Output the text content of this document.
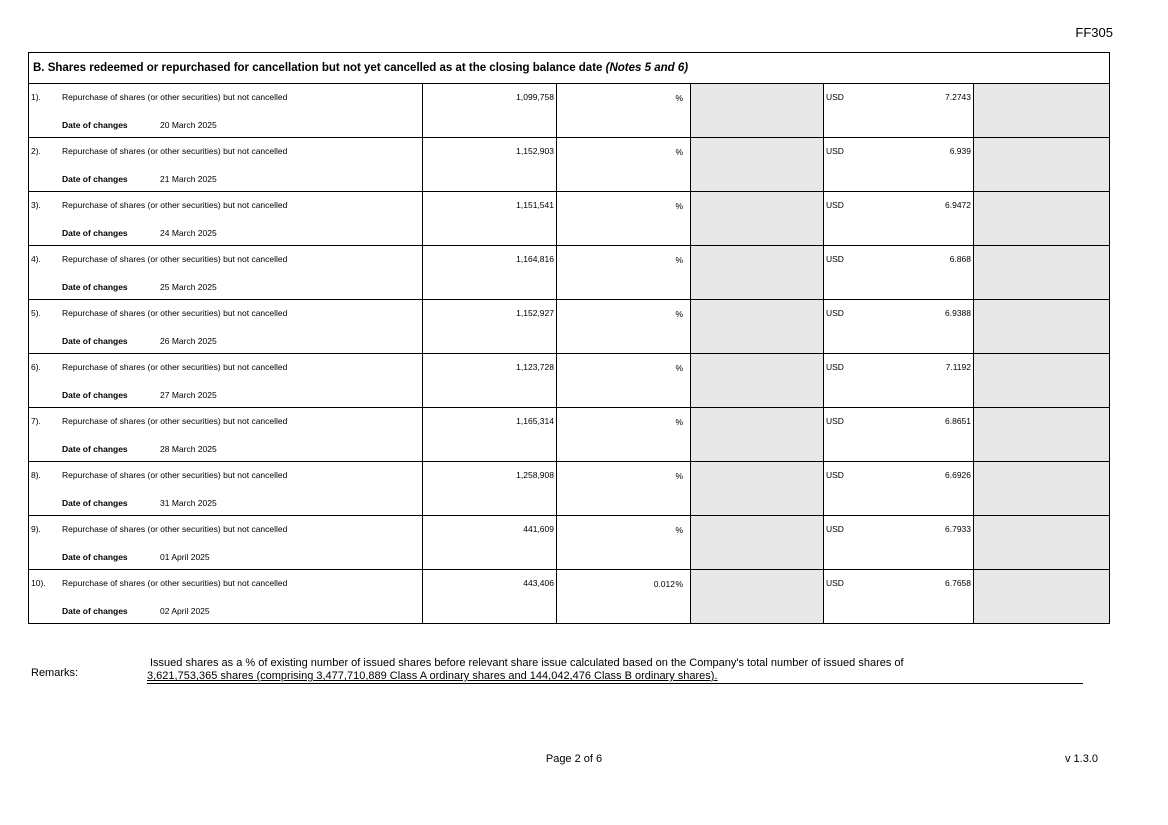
FF305
B. Shares redeemed or repurchased for cancellation but not yet cancelled as at the closing balance date (Notes 5 and 6)					

1). Repurchase of shares (or other securities) but not cancelled
Date of changes 20 March 2025	1,099,758	%		USD 7.2743	

2). Repurchase of shares (or other securities) but not cancelled
Date of changes 21 March 2025	1,152,903	%		USD 6.939	

3). Repurchase of shares (or other securities) but not cancelled
Date of changes 24 March 2025	1,151,541	%		USD 6.9472	

4). Repurchase of shares (or other securities) but not cancelled
Date of changes 25 March 2025	1,164,816	%		USD 6.868	

5). Repurchase of shares (or other securities) but not cancelled
Date of changes 26 March 2025	1,152,927	%		USD 6.9388	

6). Repurchase of shares (or other securities) but not cancelled
Date of changes 27 March 2025	1,123,728	%		USD 7.1192	

7). Repurchase of shares (or other securities) but not cancelled
Date of changes 28 March 2025	1,165,314	%		USD 6.8651	

8). Repurchase of shares (or other securities) but not cancelled
Date of changes 31 March 2025	1,258,908	%		USD 6.6926	

9). Repurchase of shares (or other securities) but not cancelled
Date of changes 01 April 2025	441,609	%		USD 6.7933	

10). Repurchase of shares (or other securities) but not cancelled
Date of changes 02 April 2025	443,406	0.012 %		USD 6.7658	

Remarks:
Issued shares as a % of existing number of issued shares before relevant share issue calculated based on the Company's total number of issued shares of
3,621,753,365 shares (comprising 3,477,710,889 Class A ordinary shares and 144,042,476 Class B ordinary shares).
Page 2 of 6	v 1.3.0
